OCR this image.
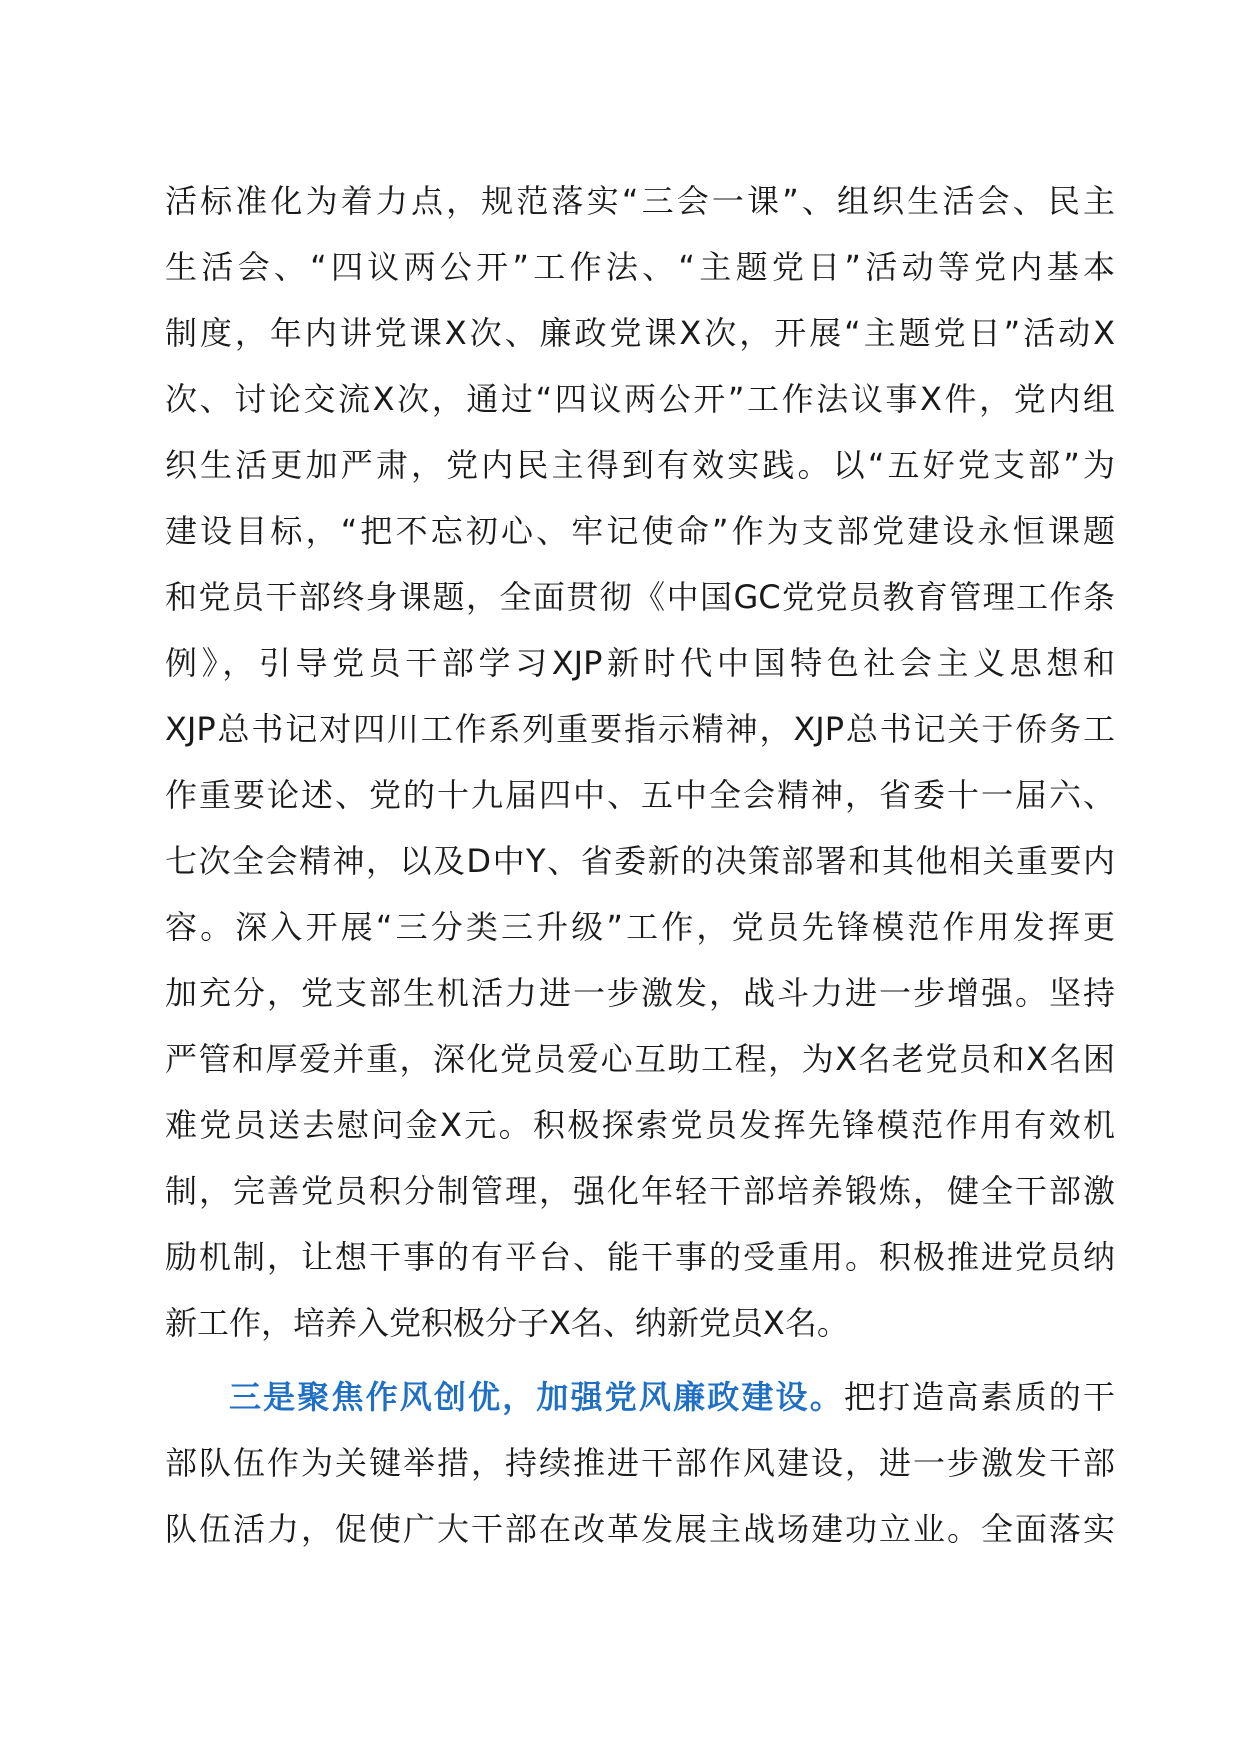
活标准化为着力点，规范落实“三会一课”、组织生活会、民主
生活会、“四议两公开”工作法、“主题党日”活动等党内基本
制度，年内讲党课X次、廉政党课X次，开展“主题党日”活动X
次、讨论交流X次，通过“四议两公开”工作法议事X件，党内组
织生活更加严肃，党内民主得到有效实践。以“五好党支部”为
建设目标，“把不忘初心、牢记使命”作为支部党建设永恒课题
和党员干部终身课题，全面贯彻《中国GC党党员教育管理工作条
例》，引导党员干部学习XJP新时代中国特色社会主义思想和
XJP总书记对四川工作系列重要指示精神，XJP总书记关于侨务工
作重要论述、党的十九届四中、五中全会精神，省委十一届六、
七次全会精神，以及D中Y、省委新的决策部署和其他相关重要内
容。深入开展“三分类三升级”工作，党员先锋模范作用发挥更
加充分，党支部生机活力进一步激发，战斗力进一步增强。坚持
严管和厚爱并重，深化党员爱心互助工程，为X名老党员和X名困
难党员送去慰问金X元。积极探索党员发挥先锋模范作用有效机
制，完善党员积分制管理，强化年轻干部培养锻炼，健全干部激
励机制，让想干事的有平台、能干事的受重用。积极推进党员纳
新工作，培养入党积极分子X名、纳新党员X名。
三是聚焦作风创优，加强党风廉政建设。把打造高素质的干
部队伍作为关键举措，持续推进干部作风建设，进一步激发干部
队伍活力，促使广大干部在改革发展主战场建功立业。全面落实
